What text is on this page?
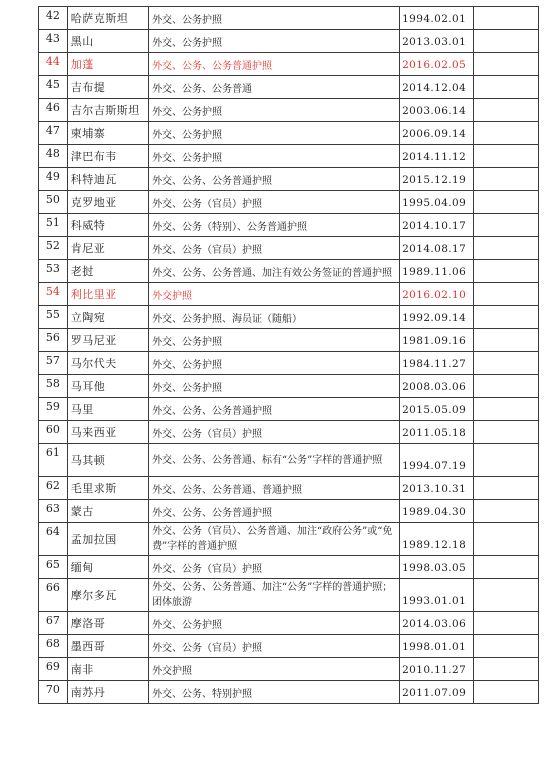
42	哈萨克斯坦	外交、公务护照	1994.02.01	
43	黑山	外交、公务护照	2013.03.01	
44	加蓬	外交、公务、公务普通护照	2016.02.05	
45	吉布提	外交、公务、公务普通	2014.12.04	
46	吉尔吉斯斯坦	外交、公务护照	2003.06.14	
47	柬埔寨	外交、公务护照	2006.09.14	
48	津巴布韦	外交、公务护照	2014.11.12	
49	科特迪瓦	外交、公务、公务普通护照	2015.12.19	
50	克罗地亚	外交、公务（官员）护照	1995.04.09	
51	科威特	外交、公务（特别）、公务普通护照	2014.10.17	
52	肯尼亚	外交、公务（官员）护照	2014.08.17	
53	老挝	外交、公务、公务普通、加注有效公务签证的普通护照	1989.11.06	
54	利比里亚	外交护照	2016.02.10	
55	立陶宛	外交、公务护照、海员证（随船）	1992.09.14	
56	罗马尼亚	外交、公务护照	1981.09.16	
57	马尔代夫	外交、公务护照	1984.11.27	
58	马耳他	外交、公务护照	2008.03.06	
59	马里	外交、公务、公务普通护照	2015.05.09	
60	马来西亚	外交、公务（官员）护照	2011.05.18	
61	马其顿	外交、公务、公务普通、标有“公务”字样的普通护照	1994.07.19	
62	毛里求斯	外交、公务、公务普通、普通护照	2013.10.31	
63	蒙古	外交、公务、公务普通护照	1989.04.30	
64	孟加拉国	外交、公务（官员）、公务普通、加注“政府公务”或“免费”字样的普通护照	1989.12.18	
65	缅甸	外交、公务（官员）护照	1998.03.05	
66	摩尔多瓦	外交、公务、公务普通、加注“公务”字样的普通护照；团体旅游	1993.01.01	
67	摩洛哥	外交、公务护照	2014.03.06	
68	墨西哥	外交、公务（官员）护照	1998.01.01	
69	南非	外交护照	2010.11.27	
70	南苏丹	外交、公务、特别护照	2011.07.09	
